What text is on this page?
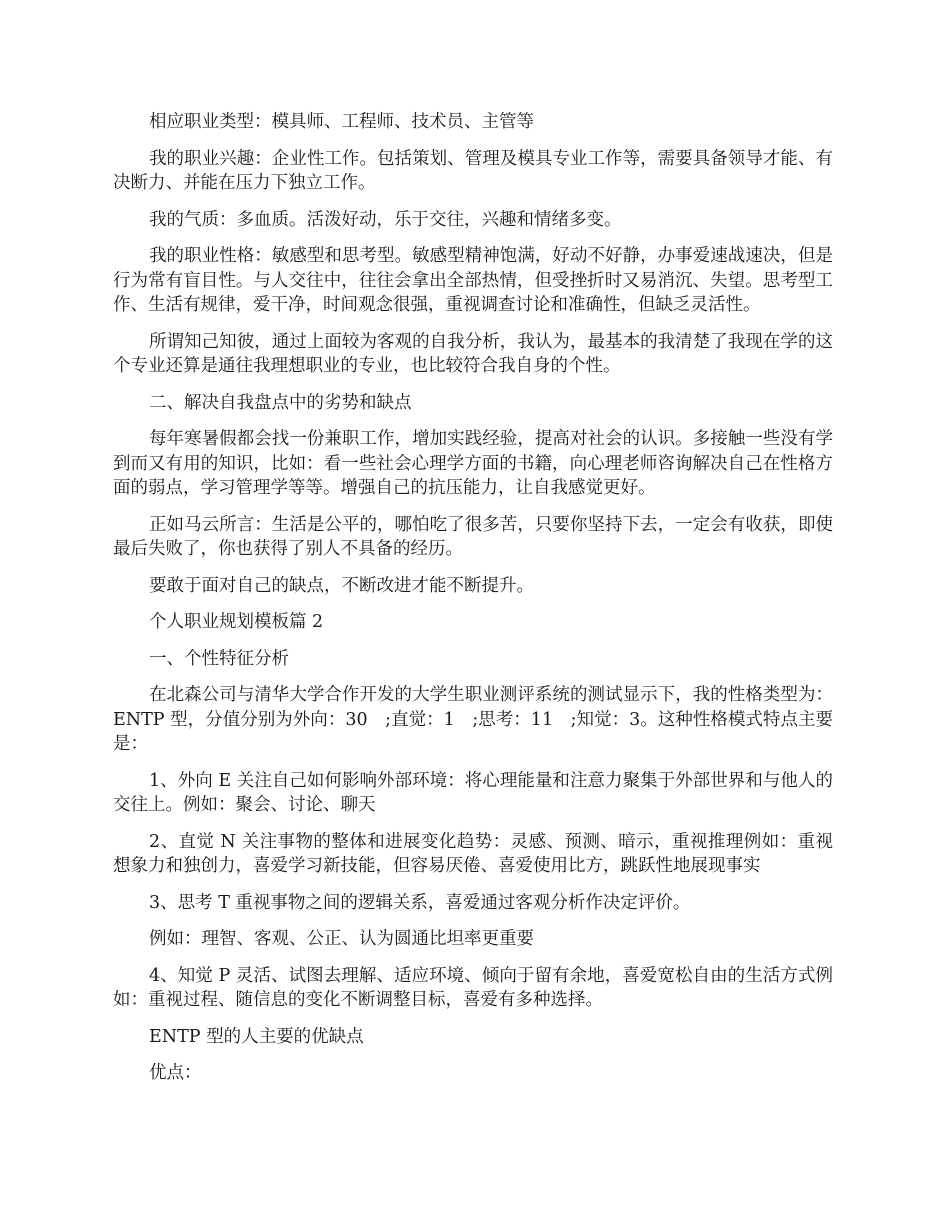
相应职业类型：模具师、工程师、技术员、主管等

我的职业兴趣：企业性工作。包括策划、管理及模具专业工作等，需要具备领导才能、有决断力、并能在压力下独立工作。

我的气质：多血质。活泼好动，乐于交往，兴趣和情绪多变。

我的职业性格：敏感型和思考型。敏感型精神饱满，好动不好静，办事爱速战速决，但是行为常有盲目性。与人交往中，往往会拿出全部热情，但受挫折时又易消沉、失望。思考型工作、生活有规律，爱干净，时间观念很强，重视调查讨论和准确性，但缺乏灵活性。

所谓知己知彼，通过上面较为客观的自我分析，我认为，最基本的我清楚了我现在学的这个专业还算是通往我理想职业的专业，也比较符合我自身的个性。

二、解决自我盘点中的劣势和缺点

每年寒暑假都会找一份兼职工作，增加实践经验，提高对社会的认识。多接触一些没有学到而又有用的知识，比如：看一些社会心理学方面的书籍，向心理老师咨询解决自己在性格方面的弱点，学习管理学等等。增强自己的抗压能力，让自我感觉更好。

正如马云所言：生活是公平的，哪怕吃了很多苦，只要你坚持下去，一定会有收获，即使最后失败了，你也获得了别人不具备的经历。

要敢于面对自己的缺点，不断改进才能不断提升。

个人职业规划模板篇 2

一、个性特征分析

在北森公司与清华大学合作开发的大学生职业测评系统的测试显示下，我的性格类型为：ENTP 型，分值分别为外向：30　;直觉：1　;思考：11　;知觉：3。这种性格模式特点主要是：

1、外向 E 关注自己如何影响外部环境：将心理能量和注意力聚集于外部世界和与他人的交往上。例如：聚会、讨论、聊天

2、直觉 N 关注事物的整体和进展变化趋势：灵感、预测、暗示，重视推理例如：重视想象力和独创力，喜爱学习新技能，但容易厌倦、喜爱使用比方，跳跃性地展现事实

3、思考 T 重视事物之间的逻辑关系，喜爱通过客观分析作决定评价。

例如：理智、客观、公正、认为圆通比坦率更重要

4、知觉 P 灵活、试图去理解、适应环境、倾向于留有余地，喜爱宽松自由的生活方式例如：重视过程、随信息的变化不断调整目标，喜爱有多种选择。

ENTP 型的人主要的优缺点

优点：
